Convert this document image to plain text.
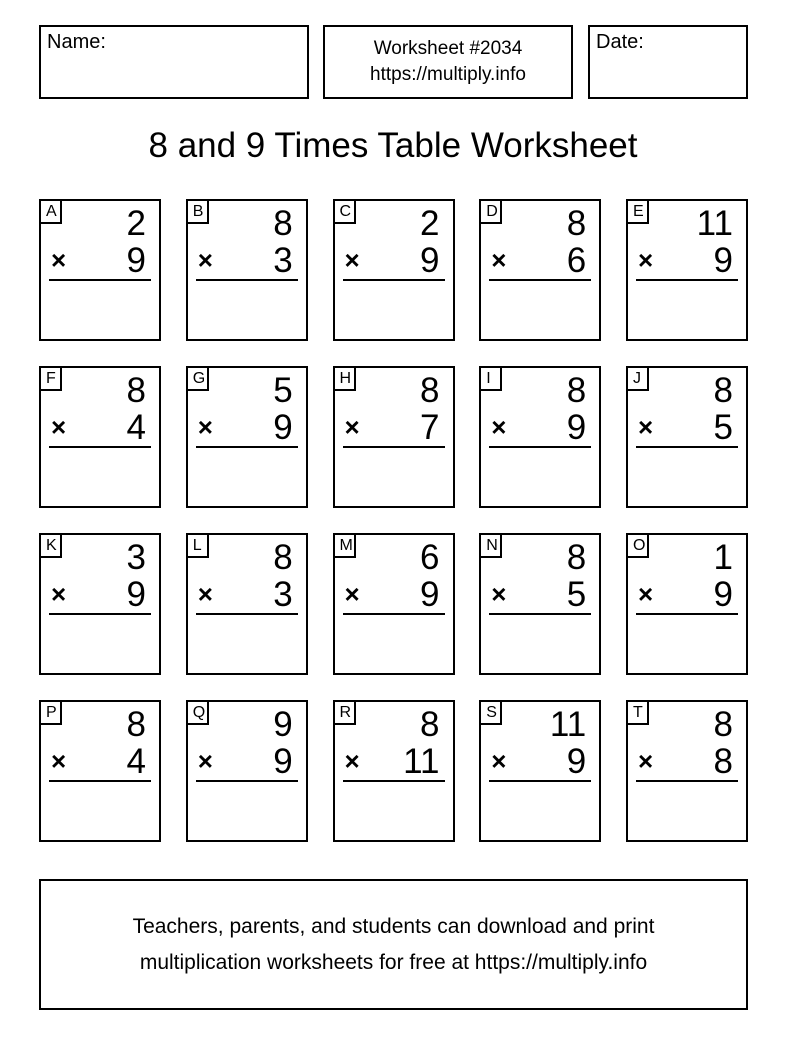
Name:	Worksheet #2034
https://multiply.info
Date:
8 and 9 Times Table Worksheet
A	2
× 9
B	8
× 3
C	2
× 9
D	8
× 6
E	11
× 9
F	8
× 4
G	5
× 9
H	8
× 7
I	8
× 9
J	8
× 5
K	3
× 9
L	8
× 3
M	6
× 9
N	8
× 5
O	1
× 9
P	8
× 4
Q	9
× 9
R	8
× 11
S	11
× 9
T	8
× 8
Teachers, parents, and students can download and print
multiplication worksheets for free at https://multiply.info
